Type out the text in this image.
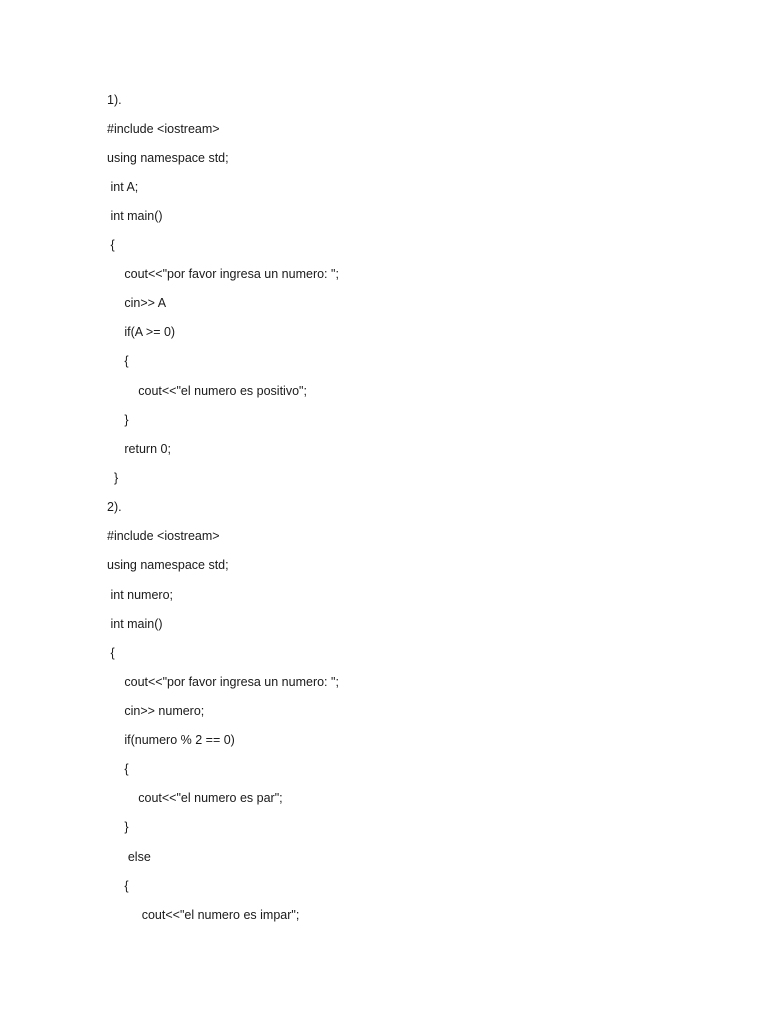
1).

#include <iostream>

using namespace std;

int A;

int main()

{

cout<<"por favor ingresa un numero: ";

cin>> A

if(A >= 0)

{

cout<<"el numero es positivo";

}

return 0;

}

2).

#include <iostream>

using namespace std;

int numero;

int main()

{

cout<<"por favor ingresa un numero: ";

cin>> numero;

if(numero % 2 == 0)

{

cout<<"el numero es par";

}

else

{

cout<<"el numero es impar";
